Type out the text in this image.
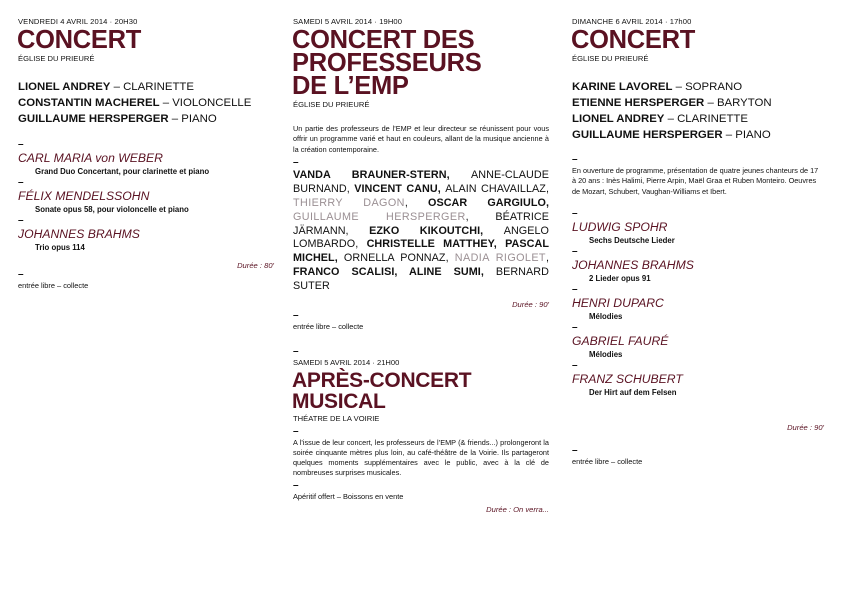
VENDREDI 4 AVRIL 2014 · 20H30
CONCERT
ÉGLISE DU PRIEURÉ
LIONEL ANDREY – CLARINETTE
CONSTANTIN MACHEREL – VIOLONCELLE
GUILLAUME HERSPERGER – PIANO
–
CARL MARIA von WEBER
Grand Duo Concertant, pour clarinette et piano
–
FÉLIX MENDELSSOHN
Sonate opus 58, pour violoncelle et piano
–
JOHANNES BRAHMS
Trio opus 114
Durée : 80'
–
entrée libre – collecte
SAMEDI 5 AVRIL 2014 · 19H00
CONCERT DES
PROFESSEURS
DE L’EMP
ÉGLISE DU PRIEURÉ
Un partie des professeurs de l’EMP et leur directeur se réunissent pour vous offrir un programme varié et haut en couleurs, allant de la musique ancienne à la création contemporaine.
–
VANDA BRAUNER-STERN, ANNE-CLAUDE BURNAND, VINCENT CANU, ALAIN CHAVAILLAZ, THIERRY DAGON, OSCAR GARGIULO, GUILLAUME HERSPERGER, BÉATRICE JÄRMANN, EZKO KIKOUTCHI, ANGELO LOMBARDO, CHRISTELLE MATTHEY, PASCAL MICHEL, ORNELLA PONNAZ, NADIA RIGOLET, FRANCO SCALISI, ALINE SUMI, BERNARD SUTER
Durée : 90'
–
entrée libre – collecte
–
SAMEDI 5 AVRIL 2014 · 21H00
APRÈS-CONCERT
MUSICAL
THÉATRE DE LA VOIRIE
–
A l’issue de leur concert, les professeurs de l’EMP (& friends...) prolongeront la soirée cinquante mètres plus loin, au café-théâtre de la Voirie. Ils partageront quelques moments supplémentaires avec le public, avec à la clé de nombreuses surprises musicales.
–
Apéritif offert – Boissons en vente
Durée : On verra...
DIMANCHE 6 AVRIL 2014 · 17h00
CONCERT
ÉGLISE DU PRIEURÉ
KARINE LAVOREL – SOPRANO
ETIENNE HERSPERGER – BARYTON
LIONEL ANDREY – CLARINETTE
GUILLAUME HERSPERGER – PIANO
–
En ouverture de programme, présentation de quatre jeunes chanteurs de 17 à 20 ans : Inès Halimi, Pierre Arpin, Maël Graa et Ruben Monteiro. Oeuvres de Mozart, Schubert, Vaughan-Williams et Ibert.
–
LUDWIG SPOHR
Sechs Deutsche Lieder
–
JOHANNES BRAHMS
2 Lieder opus 91
–
HENRI DUPARC
Mélodies
–
GABRIEL FAURÉ
Mélodies
–
FRANZ SCHUBERT
Der Hirt auf dem Felsen
Durée : 90'
–
entrée libre – collecte
